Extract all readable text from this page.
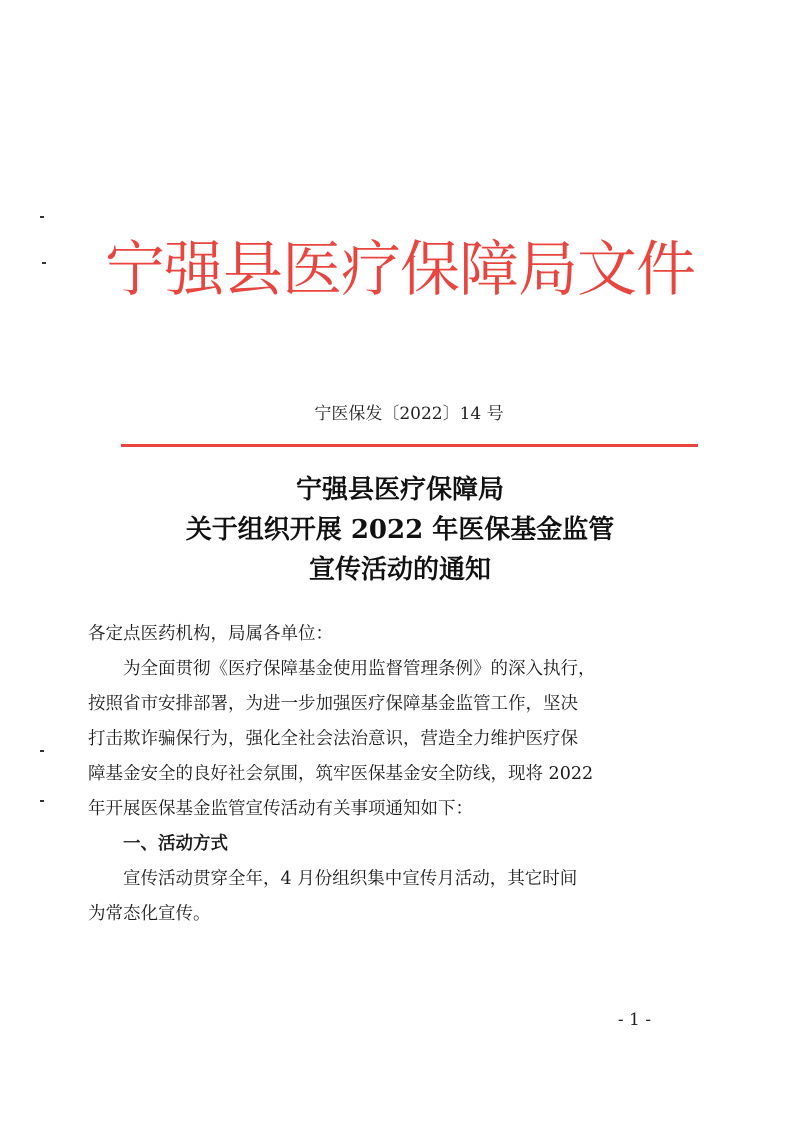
宁强县医疗保障局文件
宁医保发〔2022〕14 号
宁强县医疗保障局
关于组织开展 2022 年医保基金监管
宣传活动的通知

各定点医药机构，局属各单位：

为全面贯彻《医疗保障基金使用监督管理条例》的深入执行，

按照省市安排部署，为进一步加强医疗保障基金监管工作，坚决

打击欺诈骗保行为，强化全社会法治意识，营造全力维护医疗保

障基金安全的良好社会氛围，筑牢医保基金安全防线，现将 2022

年开展医保基金监管宣传活动有关事项通知如下：

一、活动方式

宣传活动贯穿全年，4 月份组织集中宣传月活动，其它时间

为常态化宣传。

- 1 -
